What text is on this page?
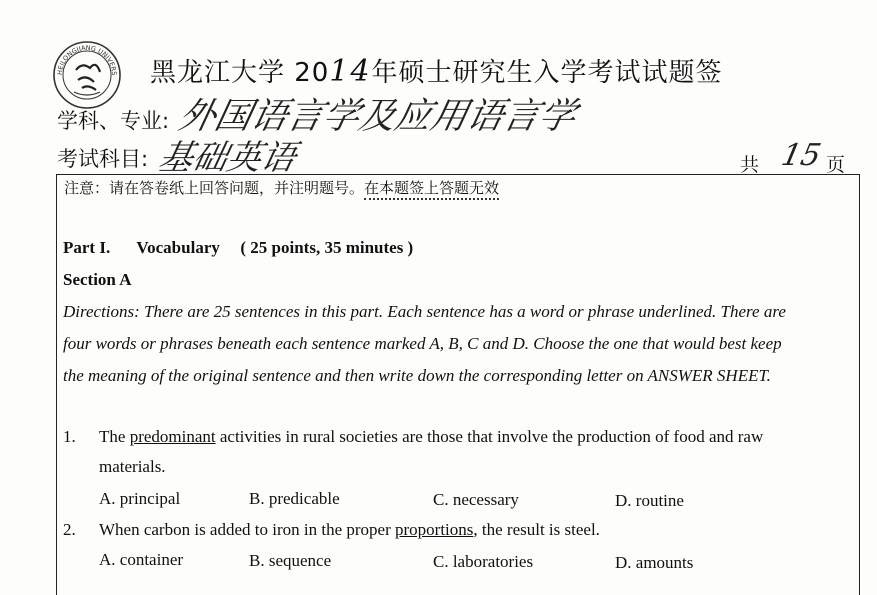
HEILONGJIANG UNIVERS 黑龙江大学 2014年硕士研究生入学考试试题签
学科、专业: 外国语言学及应用语言学
考试科目: 基础英语	共 15 页
注意：请在答卷纸上回答问题，并注明题号。在本题签上答题无效
Part I. Vocabulary ( 25 points, 35 minutes )
Section A
Directions: There are 25 sentences in this part. Each sentence has a word or phrase underlined. There are
four words or phrases beneath each sentence marked A, B, C and D. Choose the one that would best keep
the meaning of the original sentence and then write down the corresponding letter on ANSWER SHEET.
1. The predominant activities in rural societies are those that involve the production of food and raw
materials.
A. principal	B. predicable	C. necessary	D. routine
2. When carbon is added to iron in the proper proportions, the result is steel.
A. container	B. sequence	C. laboratories	D. amounts
